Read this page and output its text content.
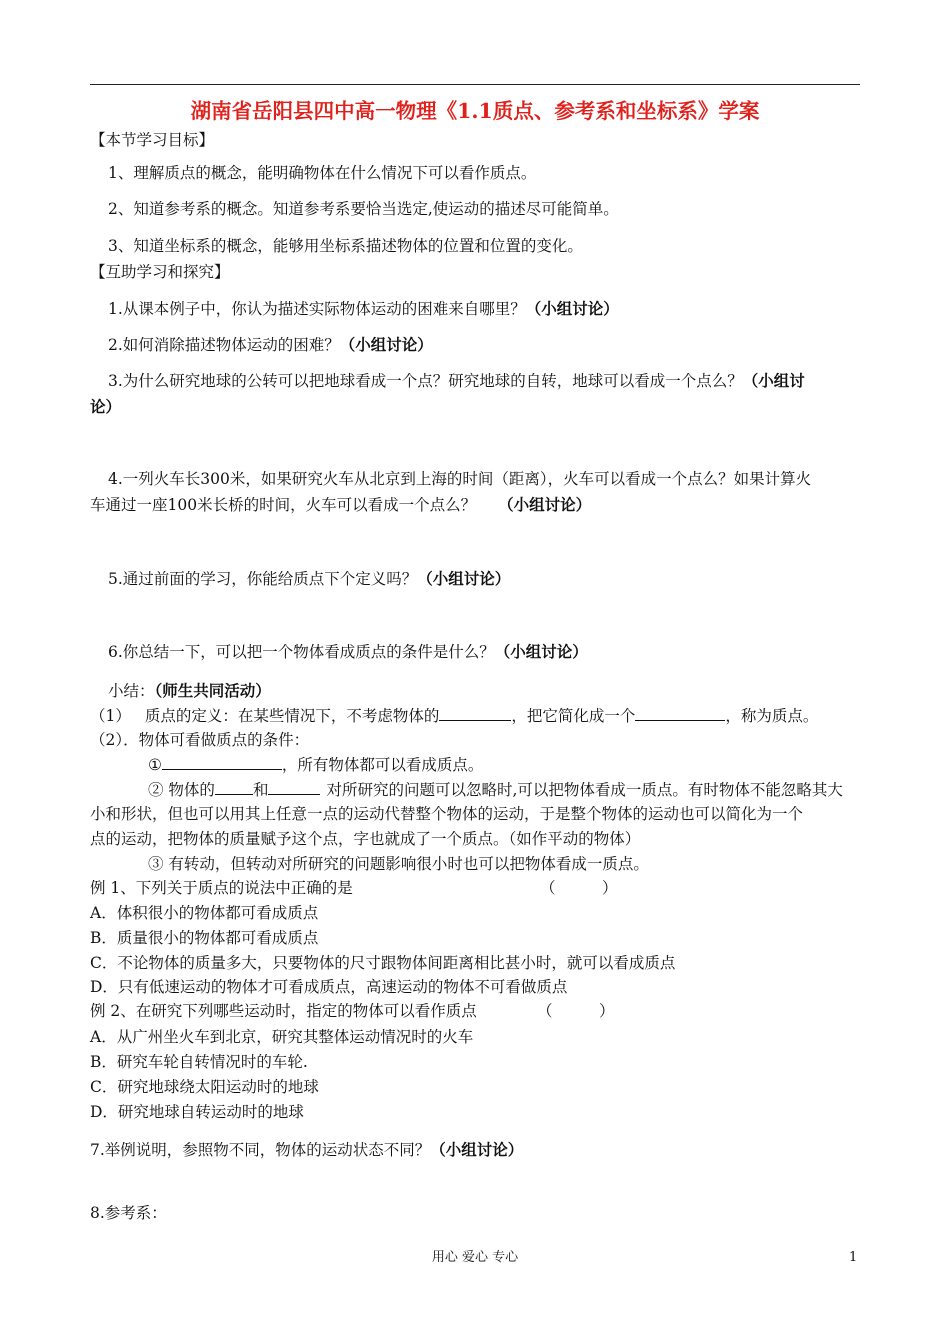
湖南省岳阳县四中高一物理《1.1质点、参考系和坐标系》学案
【本节学习目标】
1、理解质点的概念，能明确物体在什么情况下可以看作质点。
2、知道参考系的概念。知道参考系要恰当选定,使运动的描述尽可能简单。
3、知道坐标系的概念，能够用坐标系描述物体的位置和位置的变化。
【互助学习和探究】
1.从课本例子中，你认为描述实际物体运动的困难来自哪里？（小组讨论）
2.如何消除描述物体运动的困难？（小组讨论）
3.为什么研究地球的公转可以把地球看成一个点？研究地球的自转，地球可以看成一个点么？（小组讨
论）
4.一列火车长300米，如果研究火车从北京到上海的时间（距离），火车可以看成一个点么？如果计算火
车通过一座100米长桥的时间，火车可以看成一个点么？ （小组讨论）
5.通过前面的学习，你能给质点下个定义吗？（小组讨论）
6.你总结一下，可以把一个物体看成质点的条件是什么？（小组讨论）
小结：（师生共同活动）
（1） 质点的定义：在某些情况下，不考虑物体的	，把它简化成一个	，称为质点。
（2）．物体可看做质点的条件：
①	，所有物体都可以看成质点。
② 物体的 和	对所研究的问题可以忽略时,可以把物体看成一质点。有时物体不能忽略其大
小和形状，但也可以用其上任意一点的运动代替整个物体的运动，于是整个物体的运动也可以简化为一个
点的运动，把物体的质量赋予这个点，字也就成了一个质点。（如作平动的物体）
③ 有转动，但转动对所研究的问题影响很小时也可以把物体看成一质点。
例 1、下列关于质点的说法中正确的是	（　　　）
A．体积很小的物体都可看成质点
B．质量很小的物体都可看成质点
C．不论物体的质量多大，只要物体的尺寸跟物体间距离相比甚小时，就可以看成质点
D．只有低速运动的物体才可看成质点，高速运动的物体不可看做质点
例 2、在研究下列哪些运动时，指定的物体可以看作质点	（　　　）
A．从广州坐火车到北京，研究其整体运动情况时的火车
B．研究车轮自转情况时的车轮.
C．研究地球绕太阳运动时的地球
D．研究地球自转运动时的地球
7.举例说明，参照物不同，物体的运动状态不同？（小组讨论）
8.参考系：
用心 爱心 专心	1
